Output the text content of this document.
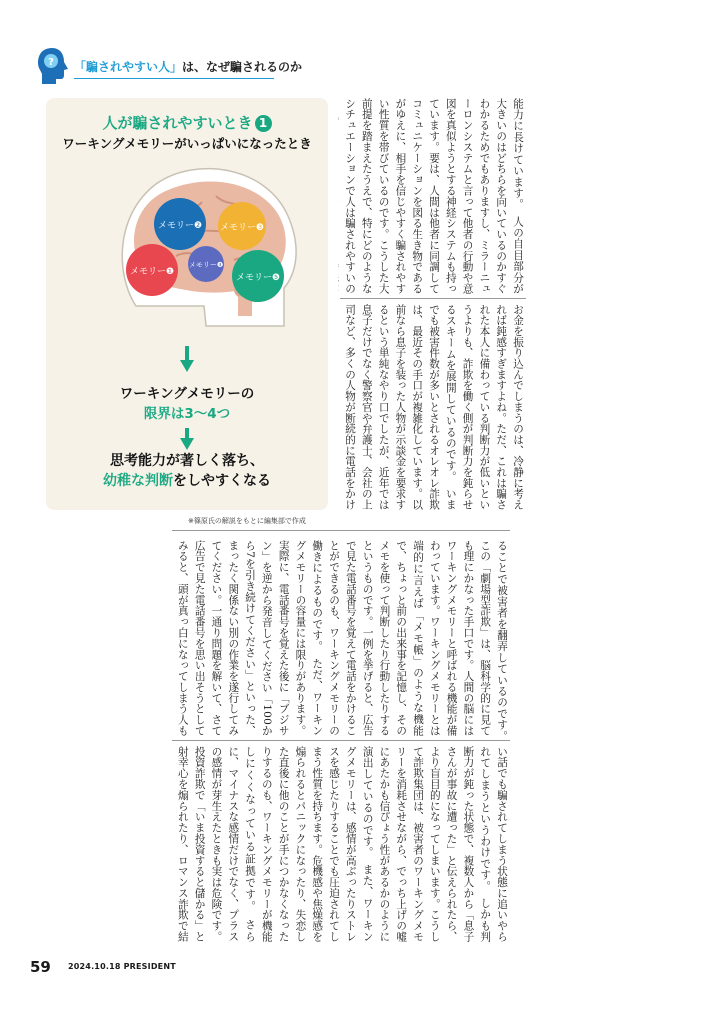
? 「騙されやすい人」は、なぜ騙されるのか
人が騙されやすいとき 1
ワーキングメモリーがいっぱいになったとき
メモリー❷ メモリー❸
メモリー❶
メモリー❹
メモリー❺
ワーキングメモリーの
限界は3〜4つ
思考能力が著しく落ち、
幼稚な判断をしやすくなる
※篠原氏の解説をもとに編集部で作成
能力に長けています。　人の自目部分が大きいのはどちらを向いているのかすぐわかるためでもありますし、ミラーニューロンシステムと言って他者の行動や意図を真似ようとする神経システムも持っています。要は、人間は他者に同調してコミュニケーションを図る生き物であるがゆえに、相手を信じやすく騙されやすい性質を帯びているのです。こうした大前提を踏まえたうえで、特にどのようなシチュエーションで人は騙されやすいの　
お金を振り込んでしまうのは、冷静に考えれば鈍感すぎますよね。ただ、これは騙された本人に備わっている判断力が低いというよりも、詐欺を働く側が判断力を鈍らせるスキームを展開しているのです。　いまでも被害件数が多いとされるオレオレ詐欺は、最近その手口が複雑化しています。以前なら息子を装った人物が示談金を要求するという単純なやり口でしたが、近年では息子だけでなく警察官や弁護士、会社の上司など、多くの人物が断続的に電話をかけ
ることで被害者を翻弄しているのです。　この「劇場型詐欺」は、脳科学的に見ても理にかなった手口です。人間の脳にはワーキングメモリーと呼ばれる機能が備わっています。ワーキングメモリーとは端的に言えば「メモ帳」のような機能で、ちょっと前の出来事を記憶し、そのメモを使って判断したり行動したりするというものです。一例を挙げると、広告で見た電話番号を覚えて電話をかけることができるのも、ワーキングメモリーの働きによるものです。　ただ、ワーキングメモリーの容量には限りがあります。実際に、電話番号を覚えた後に「ブジサン」を逆から発音してください「100から7を引き続けてください」といった、まったく関係ない別の作業を遂行してみてください。一通り問題を解いて、さて広告で見た電話番号を思い出そうとしてみると、頭が真っ白になってしまう人も　　
い話でも騙されてしまう状態に追いやられてしまうというわけです。　しかも判断力が鈍った状態で、複数人から「息子さんが事故に遭った」と伝えられたら、より盲目的になってしまいます。こうして詐欺集団は、被害者のワーキングメモリーを消耗させながら、でっち上げの嘘にあたかも信ぴょう性があるかのように演出しているのです。　また、ワーキングメモリーは、感情が高ぶったりストレスを感じたりすることでも圧迫されてしまう性質を持ちます。危機感や焦燥感を煽られるとパニックになったり、失恋した直後に他のことが手につかなくなったりするのも、ワーキングメモリーが機能しにくくなっている証拠です。　さらに、マイナスな感情だけでなく、プラスの感情が芽生えたときも実は危険です。投資詐欺で「いま投資すると儲かる」と射幸心を煽られたり、ロマンス詐欺で結　
59 2024.10.18 PRESIDENT
